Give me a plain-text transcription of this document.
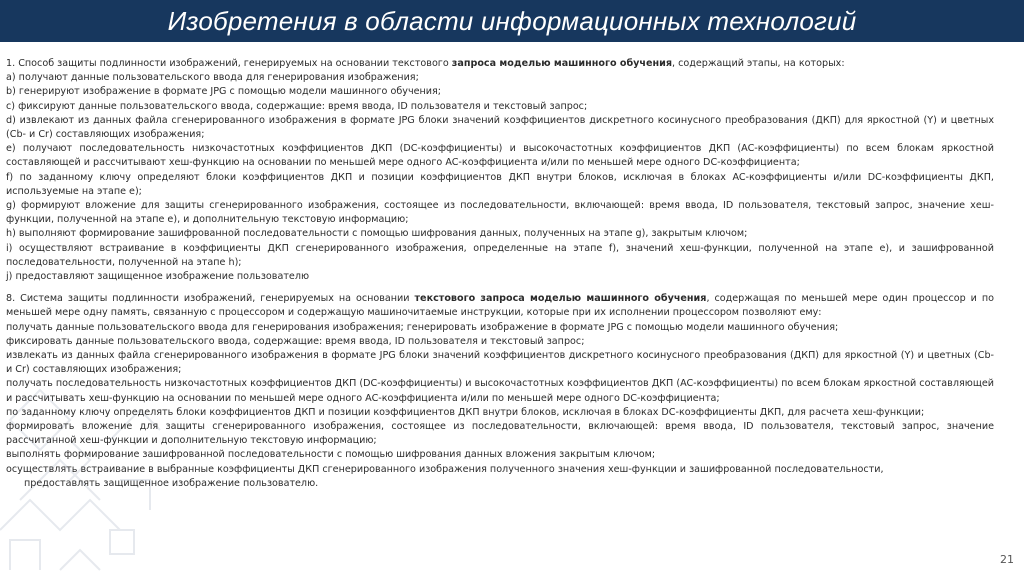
Изобретения в области информационных технологий
1. Способ защиты подлинности изображений, генерируемых на основании текстового запроса моделью машинного обучения, содержащий этапы, на которых:
a) получают данные пользовательского ввода для генерирования изображения;
b) генерируют изображение в формате JPG с помощью модели машинного обучения;
c) фиксируют данные пользовательского ввода, содержащие: время ввода, ID пользователя и текстовый запрос;
d) извлекают из данных файла сгенерированного изображения в формате JPG блоки значений коэффициентов дискретного косинусного преобразования (ДКП) для яркостной (Y) и цветных (Cb- и Cr) составляющих изображения;
e) получают последовательность низкочастотных коэффициентов ДКП (DC-коэффициенты) и высокочастотных коэффициентов ДКП (AC-коэффициенты) по всем блокам яркостной составляющей и рассчитывают хеш-функцию на основании по меньшей мере одного AC-коэффициента и/или по меньшей мере одного DC-коэффициента;
f) по заданному ключу определяют блоки коэффициентов ДКП и позиции коэффициентов ДКП внутри блоков, исключая в блоках AC-коэффициенты и/или DC-коэффициенты ДКП, используемые на этапе e);
g) формируют вложение для защиты сгенерированного изображения, состоящее из последовательности, включающей: время ввода, ID пользователя, текстовый запрос, значение хеш-функции, полученной на этапе e), и дополнительную текстовую информацию;
h) выполняют формирование зашифрованной последовательности с помощью шифрования данных, полученных на этапе g), закрытым ключом;
i) осуществляют встраивание в коэффициенты ДКП сгенерированного изображения, определенные на этапе f), значений хеш-функции, полученной на этапе e), и зашифрованной последовательности, полученной на этапе h);
j) предоставляют защищенное изображение пользователю
8. Система защиты подлинности изображений, генерируемых на основании текстового запроса моделью машинного обучения, содержащая по меньшей мере один процессор и по меньшей мере одну память, связанную с процессором и содержащую машиночитаемые инструкции, которые при их исполнении процессором позволяют ему:
получать данные пользовательского ввода для генерирования изображения; генерировать изображение в формате JPG с помощью модели машинного обучения;
фиксировать данные пользовательского ввода, содержащие: время ввода, ID пользователя и текстовый запрос;
извлекать из данных файла сгенерированного изображения в формате JPG блоки значений коэффициентов дискретного косинусного преобразования (ДКП) для яркостной (Y) и цветных (Cb- и Cr) составляющих изображения;
получать последовательность низкочастотных коэффициентов ДКП (DC-коэффициенты) и высокочастотных коэффициентов ДКП (AC-коэффициенты) по всем блокам яркостной составляющей и рассчитывать хеш-функцию на основании по меньшей мере одного AC-коэффициента и/или по меньшей мере одного DC-коэффициента;
по заданному ключу определять блоки коэффициентов ДКП и позиции коэффициентов ДКП внутри блоков, исключая в блоках DC-коэффициенты ДКП, для расчета хеш-функции;
формировать вложение для защиты сгенерированного изображения, состоящее из последовательности, включающей: время ввода, ID пользователя, текстовый запрос, значение рассчитанной хеш-функции и дополнительную текстовую информацию;
выполнять формирование зашифрованной последовательности с помощью шифрования данных вложения закрытым ключом;
осуществлять встраивание в выбранные коэффициенты ДКП сгенерированного изображения полученного значения хеш-функции и зашифрованной последовательности,
предоставлять защищенное изображение пользователю.
21
